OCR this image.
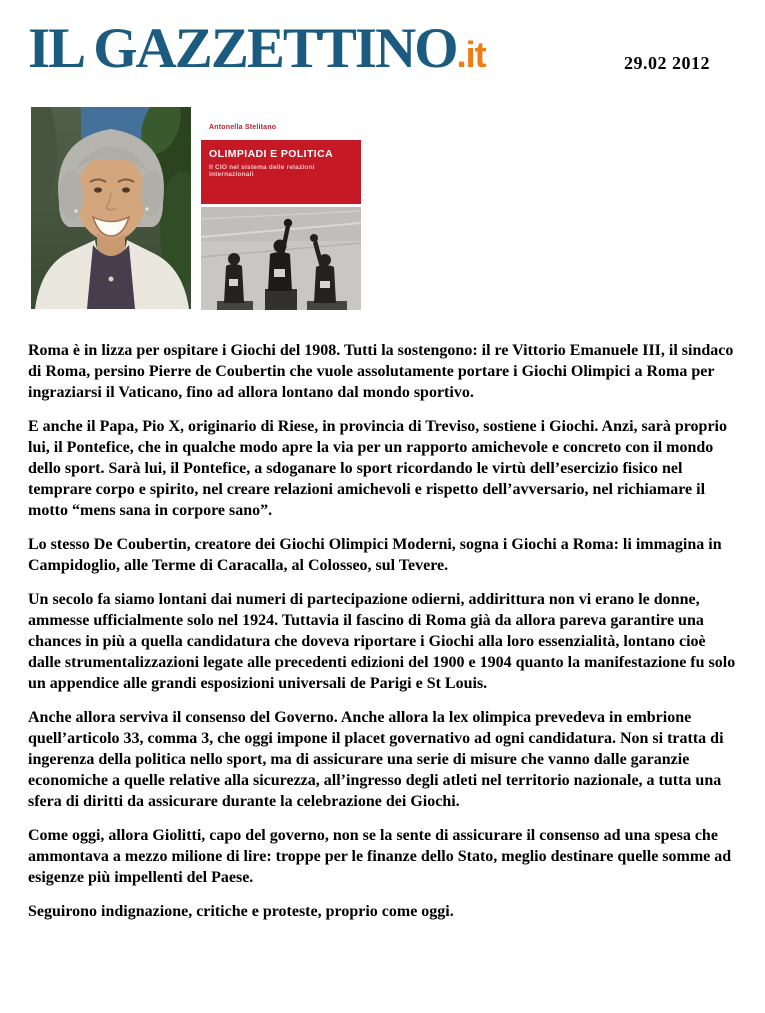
IL GAZZETTINO.it	29.02 2012
Antonella Stelitano
OLIMPIADI E POLITICA
Il CIO nel sistema delle relazioni internazionali

Roma è in lizza per ospitare i Giochi del 1908. Tutti la sostengono: il re Vittorio Emanuele III, il sindaco di Roma, persino Pierre de Coubertin che vuole assolutamente portare i Giochi Olimpici a Roma per ingraziarsi il Vaticano, fino ad allora lontano dal mondo sportivo.

E anche il Papa, Pio X, originario di Riese, in provincia di Treviso, sostiene i Giochi. Anzi, sarà proprio lui, il Pontefice, che in qualche modo apre la via per un rapporto amichevole e concreto con il mondo dello sport. Sarà lui, il Pontefice, a sdoganare lo sport ricordando le virtù dell’esercizio fisico nel temprare corpo e spirito, nel creare relazioni amichevoli e rispetto dell’avversario, nel richiamare il motto “mens sana in corpore sano”.

Lo stesso De Coubertin, creatore dei Giochi Olimpici Moderni, sogna i Giochi a Roma: li immagina in Campidoglio, alle Terme di Caracalla, al Colosseo, sul Tevere.

Un secolo fa siamo lontani dai numeri di partecipazione odierni, addirittura non vi erano le donne, ammesse ufficialmente solo nel 1924. Tuttavia il fascino di Roma già da allora pareva garantire una chances in più a quella candidatura che doveva riportare i Giochi alla loro essenzialità, lontano cioè dalle strumentalizzazioni legate alle precedenti edizioni del 1900 e 1904 quanto la manifestazione fu solo un appendice alle grandi esposizioni universali de Parigi e St Louis.

Anche allora serviva il consenso del Governo. Anche allora la lex olimpica prevedeva in embrione quell’articolo 33, comma 3, che oggi impone il placet governativo ad ogni candidatura. Non si tratta di ingerenza della politica nello sport, ma di assicurare una serie di misure che vanno dalle garanzie economiche a quelle relative alla sicurezza, all’ingresso degli atleti nel territorio nazionale, a tutta una sfera di diritti da assicurare durante la celebrazione dei Giochi.

Come oggi, allora Giolitti, capo del governo, non se la sente di assicurare il consenso ad una spesa che ammontava a mezzo milione di lire: troppe per le finanze dello Stato, meglio destinare quelle somme ad esigenze più impellenti del Paese.

Seguirono indignazione, critiche e proteste, proprio come oggi.
